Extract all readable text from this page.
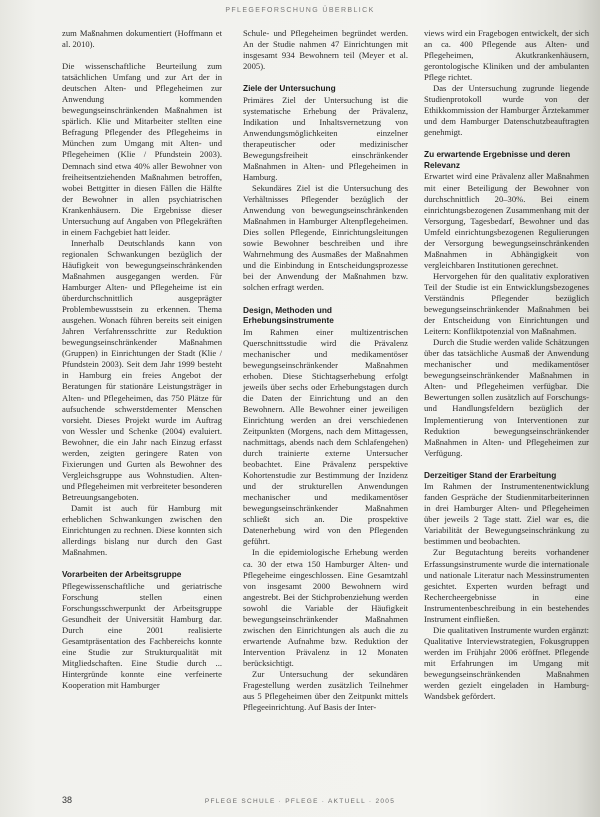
PFLEGEFORSCHUNG ÜBERBLICK

zum Maßnahmen dokumentiert (Hoffmann et al. 2010).

Die wissenschaftliche Beurteilung zum tatsächlichen Umfang und zur Art der in deutschen Alten- und Pflegeheimen zur Anwendung kommenden bewegungseinschränkenden Maßnahmen ist spärlich. Klie und Mitarbeiter stellten eine Befragung Pflegender des Pflegeheims in München zum Umgang mit Alten- und Pflegeheimen (Klie / Pfundstein 2003). Demnach sind etwa 40% aller Bewohner von freiheitsentziehenden Maßnahmen betroffen, wobei Bettgitter in diesen Fällen die Hälfte der Bewohner in allen psychiatrischen Krankenhäusern. Die Ergebnisse dieser Untersuchung auf Angaben von Pflegekräften in einem Fachgebiet hatt leider.

Innerhalb Deutschlands kann von regionalen Schwankungen bezüglich der Häufigkeit von bewegungseinschränkenden Maßnahmen ausgegangen werden. Für Hamburger Alten- und Pflegeheime ist ein überdurchschnittlich ausgeprägter Problembewusstsein zu erkennen. Thema ausgehen. Wonach führen bereits seit einigen Jahren Verfahrensschritte zur Reduktion bewegungseinschränkender Maßnahmen (Gruppen) in Einrichtungen der Stadt (Klie / Pfundstein 2003). Seit dem Jahr 1999 besteht in Hamburg ein freies Angebot der Beratungen für stationäre Leistungsträger in Alten- und Pflegeheimen, das 750 Plätze für aufsuchende schwerstdementer Menschen vorsieht. Dieses Projekt wurde im Auftrag von Wessler und Schenke (2004) evaluiert. Bewohner, die ein Jahr nach Einzug erfasst werden, zeigten geringere Raten von Fixierungen und Gurten als Bewohner des Vergleichsgruppe aus Wohnstudien. Alten- und Pflegeheimen mit verbreiteter besonderen Betreuungsangeboten.

Damit ist auch für Hamburg mit erheblichen Schwankungen zwischen den Einrichtungen zu rechnen. Diese konnten sich allerdings bislang nur durch den Gast Maßnahmen.

Vorarbeiten der Arbeitsgruppe

Pflegewissenschaftliche und geriatrische Forschung stellen einen Forschungsschwerpunkt der Arbeitsgruppe Gesundheit der Universität Hamburg dar. Durch eine 2001 realisierte Gesamtpräsentation des Fachbereichs konnte eine Studie zur Strukturqualität mit Mitgliedschaften. Eine Studie durch ... Hintergründe konnte eine verfeinerte Kooperation mit Hamburger

Schule- und Pflegeheimen begründet werden. An der Studie nahmen 47 Einrichtungen mit insgesamt 934 Bewohnern teil (Meyer et al. 2005).

Ziele der Untersuchung

Primäres Ziel der Untersuchung ist die systematische Erhebung der Prävalenz, Indikation und Inhaltsvernetzung von Anwendungsmöglichkeiten einzelner therapeutischer oder medizinischer Bewegungsfreiheit einschränkender Maßnahmen in Alten- und Pflegeheimen in Hamburg.

Sekundäres Ziel ist die Untersuchung des Verhältnisses Pflegender bezüglich der Anwendung von bewegungseinschränkenden Maßnahmen in Hamburger Altenpflegeheimen. Dies sollen Pflegende, Einrichtungsleitungen sowie Bewohner beschreiben und ihre Wahrnehmung des Ausmaßes der Maßnahmen und die Einbindung in Entscheidungsprozesse bei der Anwendung der Maßnahmen bzw. solchen erfragt werden.

Design, Methoden und Erhebungsinstrumente

Im Rahmen einer multizentrischen Querschnittsstudie wird die Prävalenz mechanischer und medikamentöser bewegungseinschränkender Maßnahmen erhoben. Diese Stichtagserhebung erfolgt jeweils über sechs oder Erhebungstagen durch die Daten der Einrichtung und an den Bewohnern. Alle Bewohner einer jeweiligen Einrichtung werden an drei verschiedenen Zeitpunkten (Morgens, nach dem Mittagessen, nachmittags, abends nach dem Schlafengehen) durch trainierte externe Untersucher beobachtet. Eine Prävalenz perspektive Kohortenstudie zur Bestimmung der Inzidenz und der strukturellen Anwendungen mechanischer und medikamentöser bewegungseinschränkender Maßnahmen schließt sich an. Die prospektive Datenerhebung wird von den Pflegenden geführt.

In die epidemiologische Erhebung werden ca. 30 der etwa 150 Hamburger Alten- und Pflegeheime eingeschlossen. Eine Gesamtzahl von insgesamt 2000 Bewohnern wird angestrebt. Bei der Stichprobenziehung werden sowohl die Variable der Häufigkeit bewegungseinschränkender Maßnahmen zwischen den Einrichtungen als auch die zu erwartende Aufnahme bzw. Reduktion der Intervention Prävalenz in 12 Monaten berücksichtigt.

Zur Untersuchung der sekundären Fragestellung werden zusätzlich Teilnehmer aus 5 Pflegeheimen über den Zeitpunkt mittels Pflegeeinrichtung. Auf Basis der Inter-

views wird ein Fragebogen entwickelt, der sich an ca. 400 Pflegende aus Alten- und Pflegeheimen, Akutkrankenhäusern, gerontologische Kliniken und der ambulanten Pflege richtet.

Das der Untersuchung zugrunde liegende Studienprotokoll wurde von der Ethikkommission der Hamburger Ärztekammer und dem Hamburger Datenschutzbeauftragten genehmigt.

Zu erwartende Ergebnisse und deren Relevanz

Erwartet wird eine Prävalenz aller Maßnahmen mit einer Beteiligung der Bewohner von durchschnittlich 20–30%. Bei einem einrichtungsbezogenen Zusammenhang mit der Versorgung, Tagesbedarf, Bewohner und das Umfeld einrichtungsbezogenen Regulierungen der Versorgung bewegungseinschränkenden Maßnahmen in Abhängigkeit von vergleichbaren Institutionen gerechnet.

Hervorgehen für den qualitativ explorativen Teil der Studie ist ein Entwicklungsbezogenes Verständnis Pflegender bezüglich bewegungseinschränkender Maßnahmen bei der Entscheidung von Einrichtungen und Leitern: Konfliktpotenzial von Maßnahmen.

Durch die Studie werden valide Schätzungen über das tatsächliche Ausmaß der Anwendung mechanischer und medikamentöser bewegungseinschränkender Maßnahmen in Alten- und Pflegeheimen verfügbar. Die Bewertungen sollen zusätzlich auf Forschungs- und Handlungsfeldern bezüglich der Implementierung von Interventionen zur Reduktion bewegungseinschränkender Maßnahmen in Alten- und Pflegeheimen zur Verfügung.

Derzeitiger Stand der Erarbeitung

Im Rahmen der Instrumentenentwicklung fanden Gespräche der Studienmitarbeiterinnen in drei Hamburger Alten- und Pflegeheimen über jeweils 2 Tage statt. Ziel war es, die Variabilität der Bewegungseinschränkung zu bestimmen und beobachten.

Zur Begutachtung bereits vorhandener Erfassungsinstrumente wurde die internationale und nationale Literatur nach Messinstrumenten gesichtet. Experten wurden befragt und Rechercheergebnisse in eine Instrumentenbeschreibung in ein bestehendes Instrument einfließen.

Die qualitativen Instrumente wurden ergänzt: Qualitative Interviewstrategien, Fokusgruppen werden im Frühjahr 2006 eröffnet. Pflegende mit Erfahrungen im Umgang mit bewegungseinschränkenden Maßnahmen werden gezielt eingeladen in Hamburg-Wandsbek gefördert.

38	PFLEGE SCHULE · PFLEGE · AKTUELL · 2005
